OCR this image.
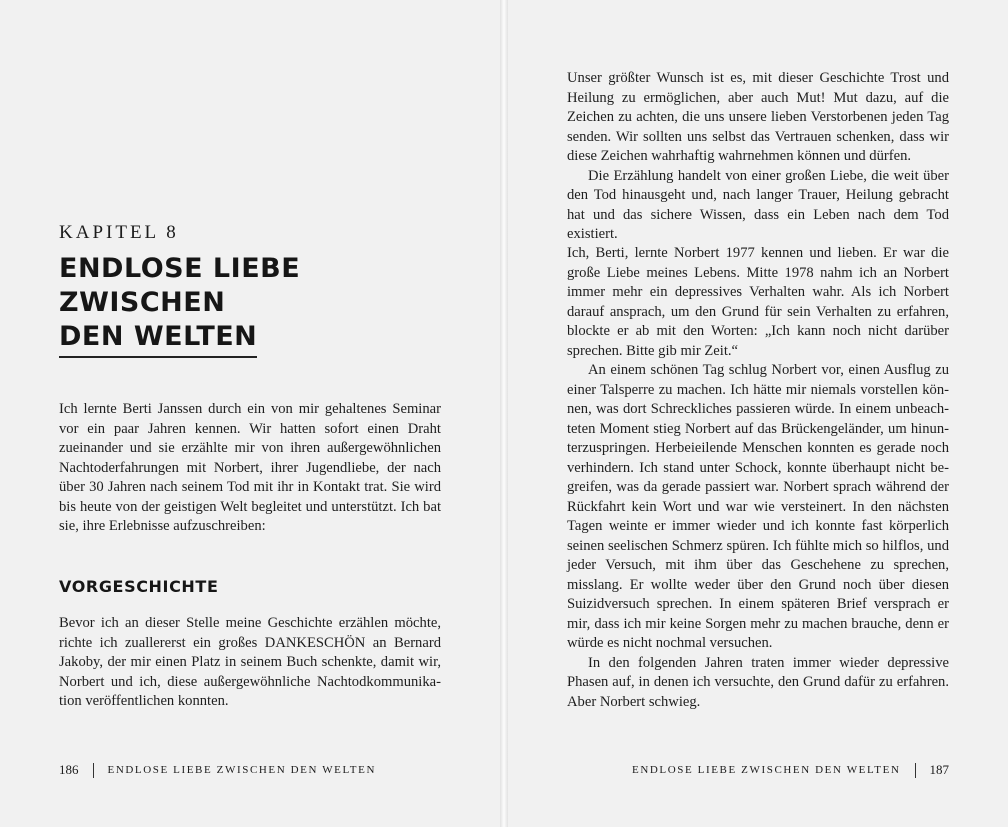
KAPITEL 8
ENDLOSE LIEBE ZWISCHEN
DEN WELTEN

Ich lernte Berti Janssen durch ein von mir gehaltenes Seminar vor ein paar Jahren kennen. Wir hatten sofort einen Draht zueinander und sie erzählte mir von ihren außergewöhnlichen Nachtoderfahrungen mit Norbert, ihrer Jugendliebe, der nach über 30 Jahren nach seinem Tod mit ihr in Kontakt trat. Sie wird bis heute von der geistigen Welt begleitet und unterstützt. Ich bat sie, ihre Erlebnisse aufzuschreiben:

VORGESCHICHTE

Bevor ich an dieser Stelle meine Geschichte erzählen möchte, richte ich zuallererst ein großes DANKESCHÖN an Bernard Jakoby, der mir einen Platz in seinem Buch schenkte, damit wir, Norbert und ich, diese außergewöhnliche Nachtodkommunikation veröffentlichen konnten.

186	ENDLOSE LIEBE ZWISCHEN DEN WELTEN

Unser größter Wunsch ist es, mit dieser Geschichte Trost und Heilung zu ermöglichen, aber auch Mut! Mut dazu, auf die Zeichen zu achten, die uns unsere lieben Verstorbenen jeden Tag senden. Wir sollten uns selbst das Vertrauen schenken, dass wir diese Zeichen wahrhaftig wahrnehmen können und dürfen.

Die Erzählung handelt von einer großen Liebe, die weit über den Tod hinausgeht und, nach langer Trauer, Heilung gebracht hat und das sichere Wissen, dass ein Leben nach dem Tod existiert.

Ich, Berti, lernte Norbert 1977 kennen und lieben. Er war die große Liebe meines Lebens. Mitte 1978 nahm ich an Norbert immer mehr ein depressives Verhalten wahr. Als ich Norbert darauf ansprach, um den Grund für sein Verhalten zu erfahren, blockte er ab mit den Worten: „Ich kann noch nicht darüber sprechen. Bitte gib mir Zeit.“

An einem schönen Tag schlug Norbert vor, einen Ausflug zu einer Talsperre zu machen. Ich hätte mir niemals vorstellen können, was dort Schreckliches passieren würde. In einem unbeachteten Moment stieg Norbert auf das Brückengeländer, um hinunterzuspringen. Herbeieilende Menschen konnten es gerade noch verhindern. Ich stand unter Schock, konnte überhaupt nicht begreifen, was da gerade passiert war. Norbert sprach während der Rückfahrt kein Wort und war wie versteinert. In den nächsten Tagen weinte er immer wieder und ich konnte fast körperlich seinen seelischen Schmerz spüren. Ich fühlte mich so hilflos, und jeder Versuch, mit ihm über das Geschehene zu sprechen, misslang. Er wollte weder über den Grund noch über diesen Suizidversuch sprechen. In einem späteren Brief versprach er mir, dass ich mir keine Sorgen mehr zu machen brauche, denn er würde es nicht nochmal versuchen.

In den folgenden Jahren traten immer wieder depressive Phasen auf, in denen ich versuchte, den Grund dafür zu erfahren. Aber Norbert schwieg.

ENDLOSE LIEBE ZWISCHEN DEN WELTEN 187
